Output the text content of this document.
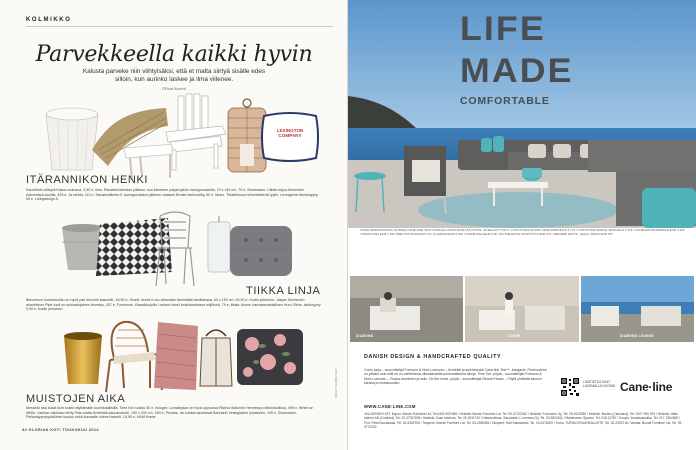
KOLMIKKO
Parvekkeella kaikki hyvin
Kalusta parveke niin viihtyisäksi, että et malta siirtyä sisälle edes silloin, kun aurinko laskee ja ilma viilenee.
Olivia Saarni
LEXINGTON COMPANY
ITÄRANNIKON HENKI
Kauniikset viilteydi Kaisa-ruukussa, 9,99 e, Ikea. Rantatunnelmaan pääsee, kun käveleee paljain jaloin hamppumatolla, 70 x 140 cm, 79 e, Stockmann. Lillidis-tuijuu Arhoesteh Adirondack-tuolilla, 429 e, Ja rahilla, 110 e, Sisustusliikehe.fi. Auringonlaskun jälkeen valaisee Broste lamhusilby, 60 e, Mobo. Tekstiilustuol viimeistelevät lyylin. Lexingtonin tilustiutyyny 59 e, Livingdesign.fi.
TIIKKA LINJA
Betonirunn kukkaruukku on hyvä pari hemolle kasveille, 18,90 e, Granit. Annen Lotu-villamatto tämmittää tarvittaessa, 60 x 150 cm, 49,90 e, Kodin yeksinen. Jasper Morrisonin aluminiinen Pipe-tuoli on suluvatiojainen ilmestys, 437 e, Formwork. Klassikkotyllin Lantern toimii kesklamaisissa miljöissä, 79 e, littala. Annon harmaanraidallinen Huru Slima -istuintyyny 9,90 e, Kodin yeksinen.
MUISTOJEN AIKA
Messinki saa kukat kuin kukat näyttämään kuninkaallisilta. Time Kin ruukku 50 e, Nouget. Lomakirjaan on hyvä uppoutua Ristina Walornin Hennessy-rottinkituolissa, 499 e, White se White. Vanhan raikkiaan tehty Pale-matta lemehtää kaunanotolle, 190 x 200 cm, 150 e, Pentala. Ita-hokkat laputtavat Bannarin Vesinglahen tyhlaksele, 149 e, Stockmann. Pellavatyynynpäällinen kuuluu sekä kumaalle olleeel kateeli, 14,95 e, H&M Home.
34 GLORIAN KOTI TOUKOKUU 2014
KUVAT VALMISTAJAT
LIFE
MADE
COMFORTABLE
CONIC-MODULISOHVA, RUSKEA CANE-LINE TEXT KANKAAL HINTA SISÄLTÄÄ ISTUIN- JA SELKÄTYYNYT / 2-ISTUTTAVA SOHVA, DREA MODULE € 3 774 / 2-ISTUTTAVA SOHVA, MODULE € 2 176 / KULMASOHVA MODULE EUR 4 225 / RUUKUTOLI EUR 1 349 TIME OUT RUOKAPÖYTÄ, ALUMIINIA EUR 6 810 / DIVINE RAHI EUR 216 / ON-THE-MOVE SIVUPÖYTÄ EUR 271 / DEFINED MATTO, HAILA, 200CM EUR 757
DIAMOND	DIVINE	DIAMOND LOUNGE
DANISH DESIGN & HANDCRAFTED QUALITY
Conic sarja – suunnittelijat Foersom & Hiort-Lorenzen – Arvitettsi ja suleneeuddi Cane-line Text™ -kangaste. Pehmustetut on jollakin uniu nillä eri on vaihtelemia ulkokalusteita puhtumattomia olkoja. Time Out -pöytä – suunnittelijat Foersom & Hiort-Lorenzen – Ruoka-aluminien ja osiin. On the move -pöytä – suunnittelijat Strand+Hvass – Pöytä yhdistää kaunon kanssa ja mukaisuuden.	LISÄTIETOA SAAT LUKEMALLA KOODIN Cane·line
WWW.CANE-LINE.COM
JÄLLEENMYYJÄT: Espoo: Bonde Furniture Ltd, Tel.0400 909 686 / Helsinki: Bonde Furniture Ltd, Tel. 09-47702340 / Helsinki: Formwork Oy, Tel. 09-6129350 / Helsinki: Modeo (Cariuland), Tel. 0207 930 570 / Helsinki: Valla Interior AB (Contract), Tel. 02-47767605 / Helsinki: Zoan Interiors, Tel. 09-2511700 / Hämeenlinna: Sisustuste L-Lemmus Oy, Tel. 03-6824611 / Mariehamn: Sjuvars, Tel. 018 12787 / Kuopio: Ilonkaluskukka, Tel. 017-7564369 / Pori: Pesti Kauaskasa, Tel. 02-6333750 / Tampere: Bonde Furniture Ltd, Tel. 03-2255354 / Tampere: Noti Kaluskamo, Tel. 03-3476200 / Turku: TURUN KRUUNKALUSTE, Tel. 02-2337218 / Vantaa: Bonde Furniture Ltd, Tel. 09-4770230
